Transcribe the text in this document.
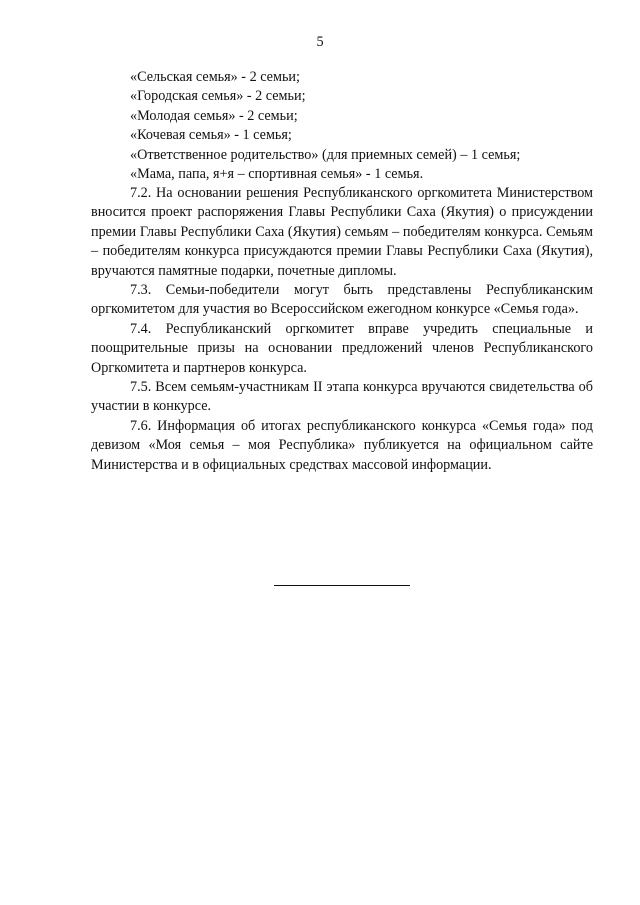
5
«Сельская семья» - 2 семьи;
«Городская семья» - 2 семьи;
«Молодая семья» - 2 семьи;
«Кочевая семья» - 1 семья;
«Ответственное родительство» (для приемных семей) – 1 семья;
«Мама, папа, я+я – спортивная семья» - 1 семья.

7.2. На основании решения Республиканского оргкомитета Министерством вносится проект распоряжения Главы Республики Саха (Якутия) о присуждении премии Главы Республики Саха (Якутия) семьям – победителям конкурса. Семьям – победителям конкурса присуждаются премии Главы Республики Саха (Якутия), вручаются памятные подарки, почетные дипломы.

7.3. Семьи-победители могут быть представлены Республиканским оргкомитетом для участия во Всероссийском ежегодном конкурсе «Семья года».

7.4. Республиканский оргкомитет вправе учредить специальные и поощрительные призы на основании предложений членов Республиканского Оргкомитета и партнеров конкурса.

7.5. Всем семьям-участникам II этапа конкурса вручаются свидетельства об участии в конкурсе.

7.6. Информация об итогах республиканского конкурса «Семья года» под девизом «Моя семья – моя Республика» публикуется на официальном сайте Министерства и в официальных средствах массовой информации.
